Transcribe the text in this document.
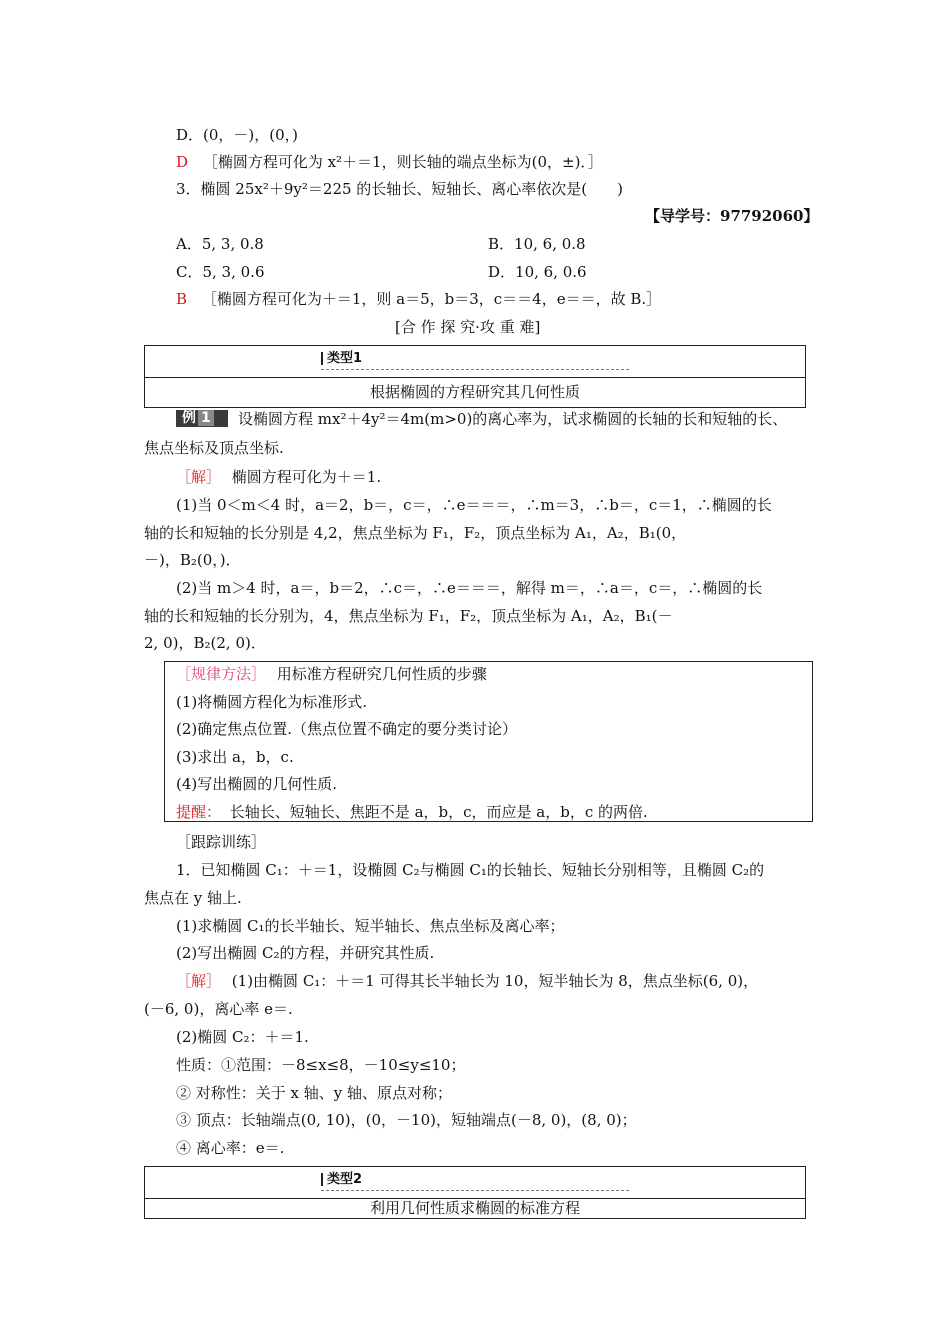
D．(0，－)，(0，)
D ［椭圆方程可化为 x²＋＝1，则长轴的端点坐标为(0，±)．］
3．椭圆 25x²＋9y²＝225 的长轴长、短轴长、离心率依次是(　　)
【导学号：97792060】
A．5, 3, 0.8	B．10, 6, 0.8
C．5, 3, 0.6	D．10, 6, 0.6
B ［椭圆方程可化为＋＝1，则 a＝5，b＝3，c＝＝4，e＝＝，故 B.］
[合 作 探 究·攻 重 难]
类型1
根据椭圆的方程研究其几何性质
例 1	设椭圆方程 mx²＋4y²＝4m(m>0)的离心率为，试求椭圆的长轴的长和短轴的长、
焦点坐标及顶点坐标.
［解］ 椭圆方程可化为＋＝1.
(1)当 0＜m＜4 时，a＝2，b＝，c＝，∴e＝＝＝，∴m＝3，∴b＝，c＝1，∴椭圆的长
轴的长和短轴的长分别是 4,2，焦点坐标为 F₁，F₂，顶点坐标为 A₁，A₂，B₁(0，
－)，B₂(0，)．
(2)当 m＞4 时，a＝，b＝2，∴c＝，∴e＝＝＝，解得 m＝，∴a＝，c＝，∴椭圆的长
轴的长和短轴的长分别为，4，焦点坐标为 F₁，F₂，顶点坐标为 A₁，A₂，B₁(－
2, 0)，B₂(2, 0)．
［规律方法］ 用标准方程研究几何性质的步骤
(1)将椭圆方程化为标准形式.
(2)确定焦点位置.（焦点位置不确定的要分类讨论）
(3)求出 a，b，c.
(4)写出椭圆的几何性质.
提醒： 长轴长、短轴长、焦距不是 a，b，c，而应是 a，b，c 的两倍.
［跟踪训练］
1．已知椭圆 C₁：＋＝1，设椭圆 C₂与椭圆 C₁的长轴长、短轴长分别相等，且椭圆 C₂的
焦点在 y 轴上.
(1)求椭圆 C₁的长半轴长、短半轴长、焦点坐标及离心率；
(2)写出椭圆 C₂的方程，并研究其性质.
［解］ (1)由椭圆 C₁：＋＝1 可得其长半轴长为 10，短半轴长为 8，焦点坐标(6, 0)，
(－6, 0)，离心率 e＝.
(2)椭圆 C₂：＋＝1.
性质：①范围：－8≤x≤8，－10≤y≤10；
② 对称性：关于 x 轴、y 轴、原点对称；
③ 顶点：长轴端点(0, 10)，(0，－10)，短轴端点(－8, 0)，(8, 0)；
④ 离心率：e＝.
类型2
利用几何性质求椭圆的标准方程
